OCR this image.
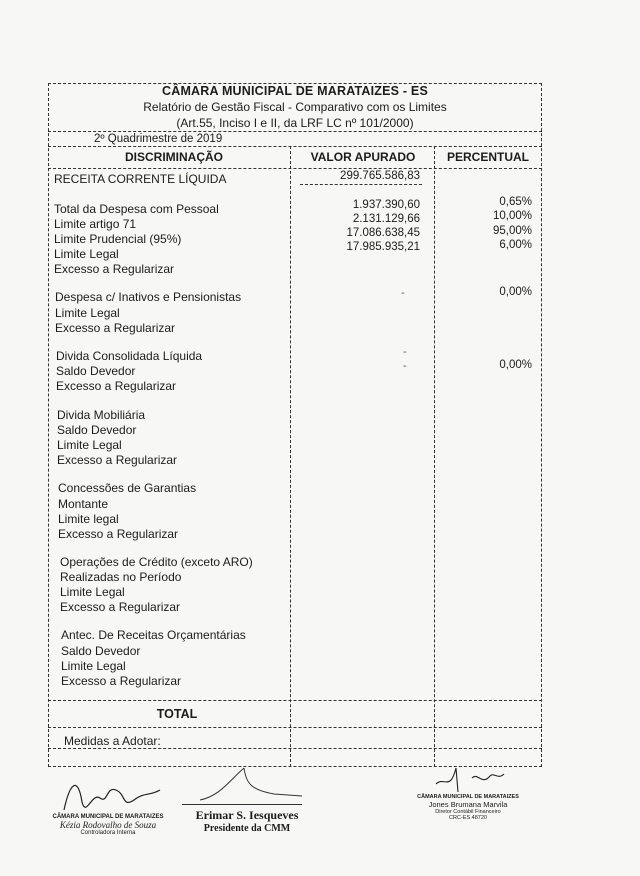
CÂMARA MUNICIPAL DE MARATAIZES - ES
Relatório de Gestão Fiscal - Comparativo com os Limites
(Art.55, Inciso I e II, da LRF LC nº 101/2000)
2º Quadrimestre de 2019
DISCRIMINAÇÃO	VALOR APURADO	PERCENTUAL
RECEITA CORRENTE LÍQUIDA	299.765.586,83
Total da Despesa com Pessoal	1.937.390,60	0,65%
Limite artigo 71	2.131.129,66	10,00%
Limite Prudencial (95%)	17.086.638,45	95,00%
Limite Legal	17.985.935,21	6,00%
Excesso a Regularizar
Despesa c/ Inativos e Pensionistas	-	0,00%
Limite Legal
Excesso a Regularizar
Divida Consolidada Líquida	-
Saldo Devedor	-	0,00%
Excesso a Regularizar
Divida Mobiliária
Saldo Devedor
Limite Legal
Excesso a Regularizar
Concessões de Garantias
Montante
Limite legal
Excesso a Regularizar
Operações de Crédito (exceto ARO)
Realizadas no Período
Limite Legal
Excesso a Regularizar
Antec. De Receitas Orçamentárias
Saldo Devedor
Limite Legal
Excesso a Regularizar
TOTAL
Medidas a Adotar:
CÂMARA MUNICIPAL DE MARATAIZES
Kézia Rodovalho de Souza
Controladora Interna
Erimar S. Iesqueves
Presidente da CMM
CÂMARA MUNICIPAL DE MARATAIZES
Jones Brumana Marvila
Diretor Contábil Financeiro
CRC-ES 48720
